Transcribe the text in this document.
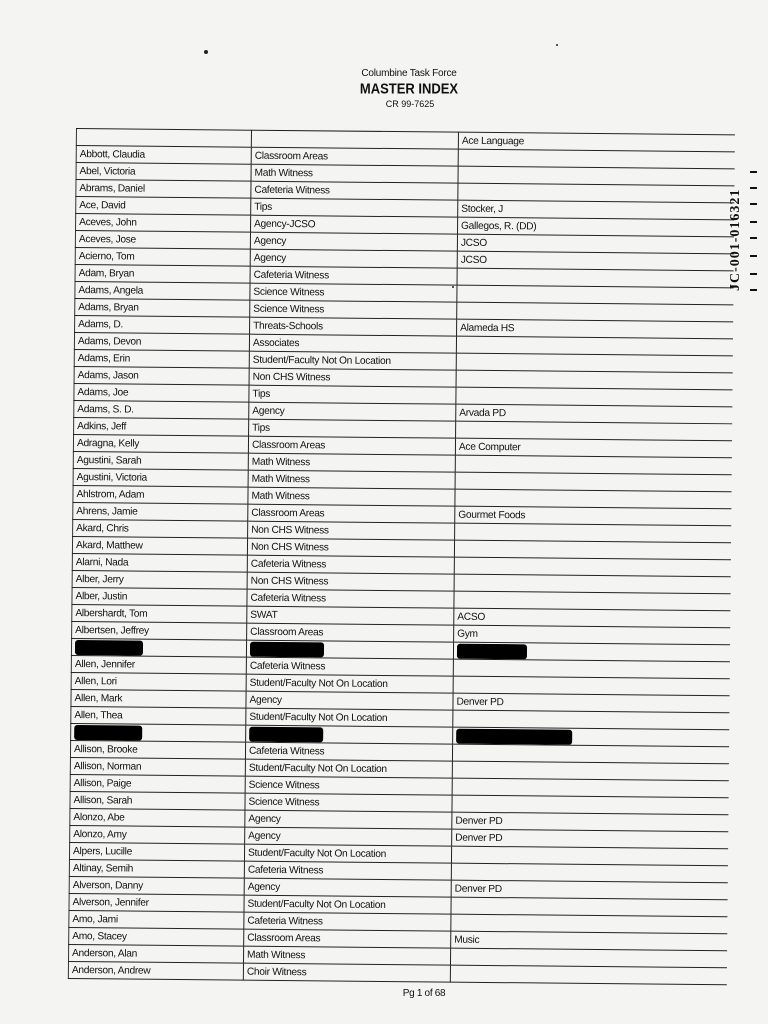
Columbine Task Force
MASTER INDEX
CR 99-7625
		Ace Language
Abbott, Claudia	Classroom Areas	
Abel, Victoria	Math Witness	
Abrams, Daniel	Cafeteria Witness	
Ace, David	Tips	Stocker, J
Aceves, John	Agency-JCSO	Gallegos, R. (DD)
Aceves, Jose	Agency	JCSO
Acierno, Tom	Agency	JCSO
Adam, Bryan	Cafeteria Witness	
Adams, Angela	Science Witness	
Adams, Bryan	Science Witness	
Adams, D.	Threats-Schools	Alameda HS
Adams, Devon	Associates	
Adams, Erin	Student/Faculty Not On Location	
Adams, Jason	Non CHS Witness	
Adams, Joe	Tips	
Adams, S. D.	Agency	Arvada PD
Adkins, Jeff	Tips	
Adragna, Kelly	Classroom Areas	Ace Computer
Agustini, Sarah	Math Witness	
Agustini, Victoria	Math Witness	
Ahlstrom, Adam	Math Witness	
Ahrens, Jamie	Classroom Areas	Gourmet Foods
Akard, Chris	Non CHS Witness	
Akard, Matthew	Non CHS Witness	
Alarni, Nada	Cafeteria Witness	
Alber, Jerry	Non CHS Witness	
Alber, Justin	Cafeteria Witness	
Albershardt, Tom	SWAT	ACSO
Albertsen, Jeffrey	Classroom Areas	Gym

Allen, Jennifer	Cafeteria Witness	
Allen, Lori	Student/Faculty Not On Location	
Allen, Mark	Agency	Denver PD
Allen, Thea	Student/Faculty Not On Location	

Allison, Brooke	Cafeteria Witness	
Allison, Norman	Student/Faculty Not On Location	
Allison, Paige	Science Witness	
Allison, Sarah	Science Witness	
Alonzo, Abe	Agency	Denver PD
Alonzo, Amy	Agency	Denver PD
Alpers, Lucille	Student/Faculty Not On Location	
Altinay, Semih	Cafeteria Witness	
Alverson, Danny	Agency	Denver PD
Alverson, Jennifer	Student/Faculty Not On Location	
Amo, Jami	Cafeteria Witness	
Amo, Stacey	Classroom Areas	Music
Anderson, Alan	Math Witness	
Anderson, Andrew	Choir Witness	
JC-001-016321
Pg 1 of 68
